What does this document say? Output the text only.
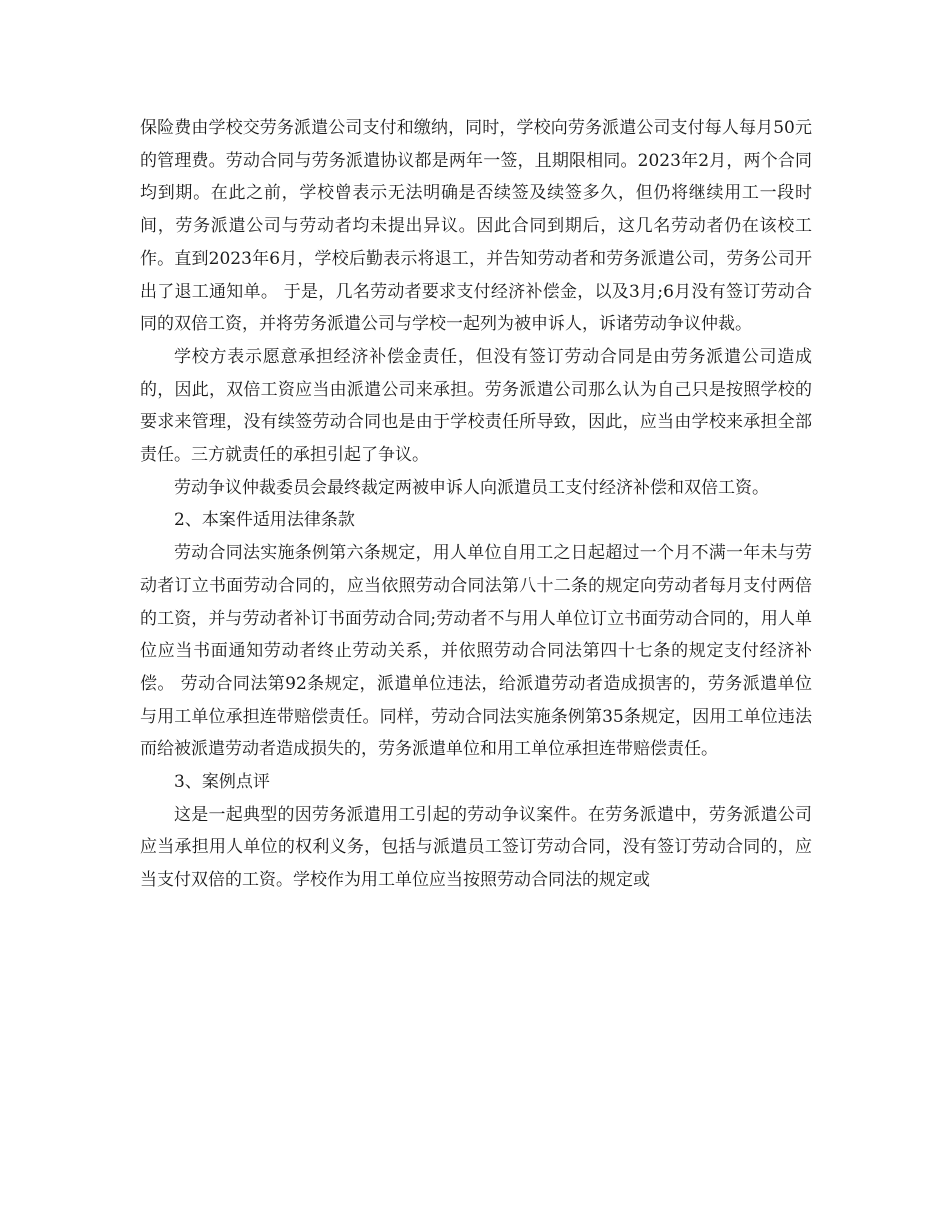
保险费由学校交劳务派遣公司支付和缴纳，同时，学校向劳务派遣公司支付每人每月50元的管理费。劳动合同与劳务派遣协议都是两年一签，且期限相同。2023年2月，两个合同均到期。在此之前，学校曾表示无法明确是否续签及续签多久，但仍将继续用工一段时间，劳务派遣公司与劳动者均未提出异议。因此合同到期后，这几名劳动者仍在该校工作。直到2023年6月，学校后勤表示将退工，并告知劳动者和劳务派遣公司，劳务公司开出了退工通知单。 于是，几名劳动者要求支付经济补偿金，以及3月;6月没有签订劳动合同的双倍工资，并将劳务派遣公司与学校一起列为被申诉人，诉诸劳动争议仲裁。

学校方表示愿意承担经济补偿金责任，但没有签订劳动合同是由劳务派遣公司造成的，因此，双倍工资应当由派遣公司来承担。劳务派遣公司那么认为自己只是按照学校的要求来管理，没有续签劳动合同也是由于学校责任所导致，因此，应当由学校来承担全部责任。三方就责任的承担引起了争议。

劳动争议仲裁委员会最终裁定两被申诉人向派遣员工支付经济补偿和双倍工资。

2、本案件适用法律条款

劳动合同法实施条例第六条规定，用人单位自用工之日起超过一个月不满一年未与劳动者订立书面劳动合同的，应当依照劳动合同法第八十二条的规定向劳动者每月支付两倍的工资，并与劳动者补订书面劳动合同;劳动者不与用人单位订立书面劳动合同的，用人单位应当书面通知劳动者终止劳动关系，并依照劳动合同法第四十七条的规定支付经济补偿。 劳动合同法第92条规定，派遣单位违法，给派遣劳动者造成损害的，劳务派遣单位与用工单位承担连带赔偿责任。同样，劳动合同法实施条例第35条规定，因用工单位违法而给被派遣劳动者造成损失的，劳务派遣单位和用工单位承担连带赔偿责任。

3、案例点评

这是一起典型的因劳务派遣用工引起的劳动争议案件。在劳务派遣中，劳务派遣公司应当承担用人单位的权利义务，包括与派遣员工签订劳动合同，没有签订劳动合同的，应当支付双倍的工资。学校作为用工单位应当按照劳动合同法的规定或
